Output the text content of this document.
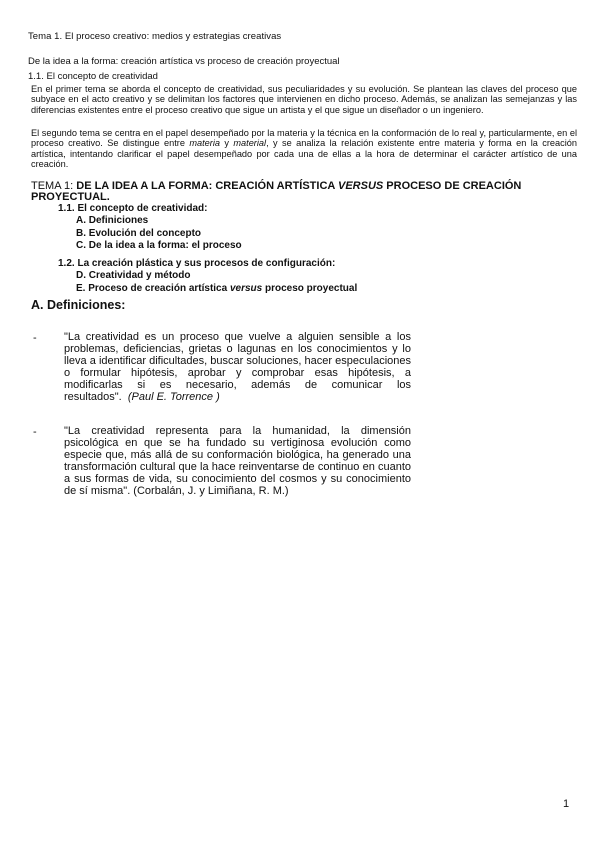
Tema 1. El proceso creativo: medios y estrategias creativas
De la idea a la forma: creación artística vs proceso de creación proyectual
1.1. El concepto de creatividad
En el primer tema se aborda el concepto de creatividad, sus peculiaridades y su evolución. Se plantean las claves del proceso que subyace en el acto creativo y se delimitan los factores que intervienen en dicho proceso. Además, se analizan las semejanzas y las diferencias existentes entre el proceso creativo que sigue un artista y el que sigue un diseñador o un ingeniero.
El segundo tema se centra en el papel desempeñado por la materia y la técnica en la conformación de lo real y, particularmente, en el proceso creativo. Se distingue entre materia y material, y se analiza la relación existente entre materia y forma en la creación artística, intentando clarificar el papel desempeñado por cada una de ellas a la hora de determinar el carácter artístico de una creación.
TEMA 1: DE LA IDEA A LA FORMA: CREACIÓN ARTÍSTICA VERSUS PROCESO DE CREACIÓN PROYECTUAL.
1.1. El concepto de creatividad:
A. Definiciones
B. Evolución del concepto
C. De la idea a la forma: el proceso
1.2. La creación plástica y sus procesos de configuración:
D. Creatividad y método
E. Proceso de creación artística versus proceso proyectual
A. Definiciones:
- "La creatividad es un proceso que vuelve a alguien sensible a los problemas, deficiencias, grietas o lagunas en los conocimientos y lo lleva a identificar dificultades, buscar soluciones, hacer especulaciones o formular hipótesis, aprobar y comprobar esas hipótesis, a modificarlas si es necesario, además de comunicar los resultados". (Paul E. Torrence )
- "La creatividad representa para la humanidad, la dimensión psicológica en que se ha fundado su vertiginosa evolución como especie que, más allá de su conformación biológica, ha generado una transformación cultural que la hace reinventarse de continuo en cuanto a sus formas de vida, su conocimiento del cosmos y su conocimiento de sí misma". (Corbalán, J. y Limiñana, R. M.)
1
